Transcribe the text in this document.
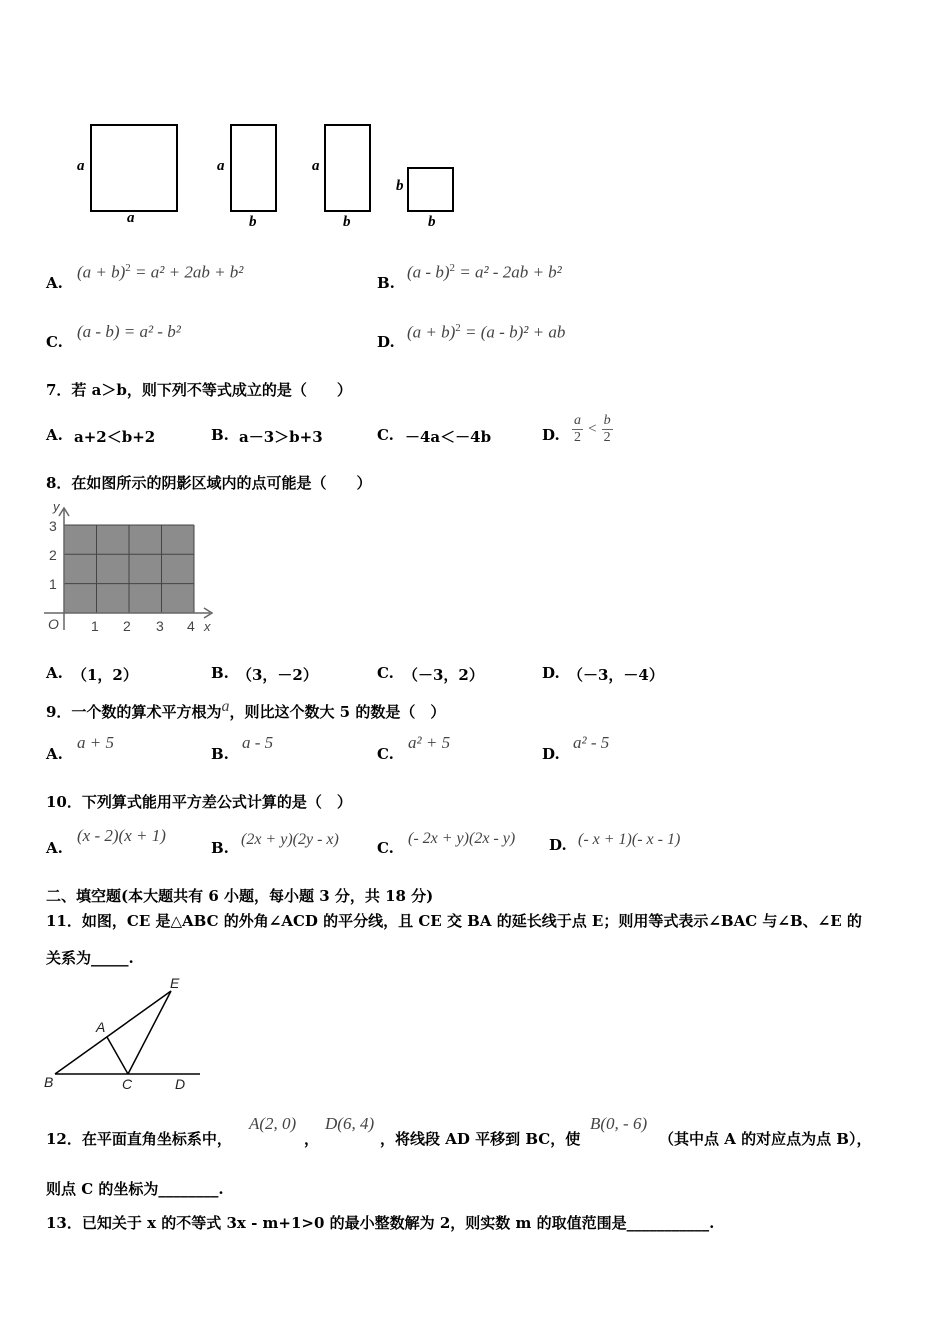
a
a
a
b
a
b
b
b
A.
$(a + b)^2 = a^2 + 2ab + b^2$
B.
(a - b)$^2$ = a² - 2ab + b²
C.
(a - b) = a² - b²
D.
$(a + b)^2 = (a - b)^2$ + ab
7．若 a＞b，则下列不等式成立的是（　　）
A. a+2＜b+2	B. a－3＞b+3	C. －4a＜－4b	D. $\frac{a}{2} < \frac{b}{2}$
8．在如图所示的阴影区域内的点可能是（　　）
y
x
O 1 2 3 4
1
2
3
A. （1，2）	B. （3，－2）	C. （－3，2）	D. （－3，－4）
9．一个数的算术平方根为a，则比这个数大 5 的数是（　）
A.
a + 5
B.
a - 5
C.
a² + 5
D.
a² - 5
10．下列算式能用平方差公式计算的是（　）
A.
(x - 2)(x + 1)
B. (2x + y)(2y - x)	C.
(- 2x + y)(2x - y) D. (- x + 1)(- x - 1)
二、填空题(本大题共有 6 小题，每小题 3 分，共 18 分)
11．如图，CE 是△ABC 的外角∠ACD 的平分线，且 CE 交 BA 的延长线于点 E；则用等式表示∠BAC 与∠B、∠E 的
关系为_____.
E
A
B	C	D
12．在平面直角坐标系中，
A(2, 0)
，
D(6, 4)
，将线段 AD 平移到 BC，使
B(0, - 6)
（其中点 A 的对应点为点 B），
则点 C 的坐标为________.
13．已知关于 x 的不等式 3x - m+1>0 的最小整数解为 2，则实数 m 的取值范围是___________.
